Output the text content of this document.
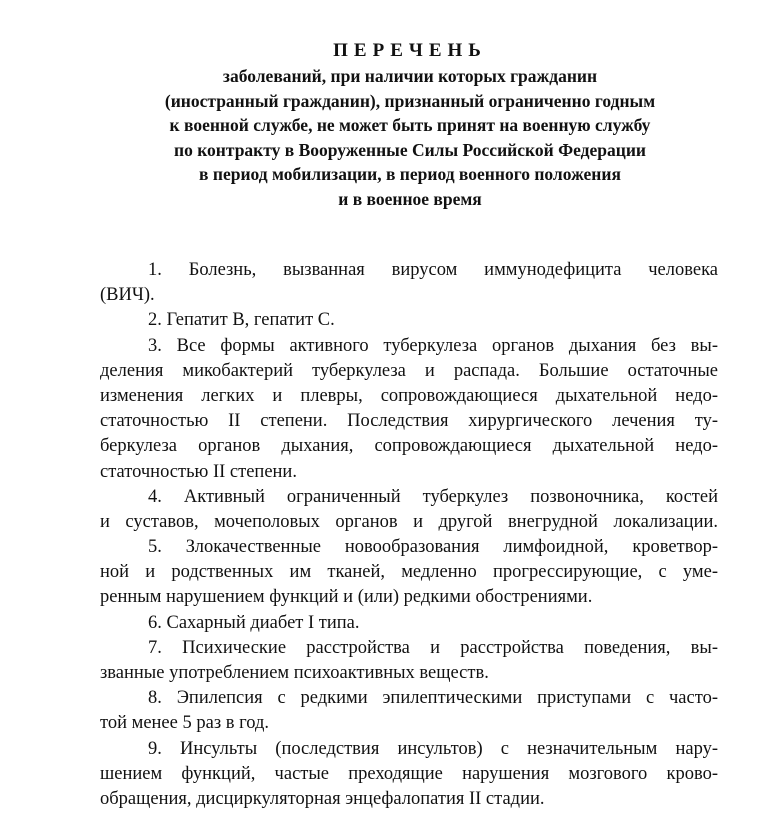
ПЕРЕЧЕНЬ
заболеваний, при наличии которых гражданин
(иностранный гражданин), признанный ограниченно годным
к военной службе, не может быть принят на военную службу
по контракту в Вооруженные Силы Российской Федерации
в период мобилизации, в период военного положения
и в военное время
1. Болезнь, вызванная вирусом иммунодефицита человека
(ВИЧ).
2. Гепатит B, гепатит C.
3. Все формы активного туберкулеза органов дыхания без вы-
деления микобактерий туберкулеза и распада. Большие остаточные
изменения легких и плевры, сопровождающиеся дыхательной недо-
статочностью II степени. Последствия хирургического лечения ту-
беркулеза органов дыхания, сопровождающиеся дыхательной недо-
статочностью II степени.
4. Активный ограниченный туберкулез позвоночника, костей
и суставов, мочеполовых органов и другой внегрудной локализации.
5. Злокачественные новообразования лимфоидной, кроветвор-
ной и родственных им тканей, медленно прогрессирующие, с уме-
ренным нарушением функций и (или) редкими обострениями.
6. Сахарный диабет I типа.
7. Психические расстройства и расстройства поведения, вы-
званные употреблением психоактивных веществ.
8. Эпилепсия с редкими эпилептическими приступами с часто-
той менее 5 раз в год.
9. Инсульты (последствия инсультов) с незначительным нару-
шением функций, частые преходящие нарушения мозгового крово-
обращения, дисциркуляторная энцефалопатия II стадии.
